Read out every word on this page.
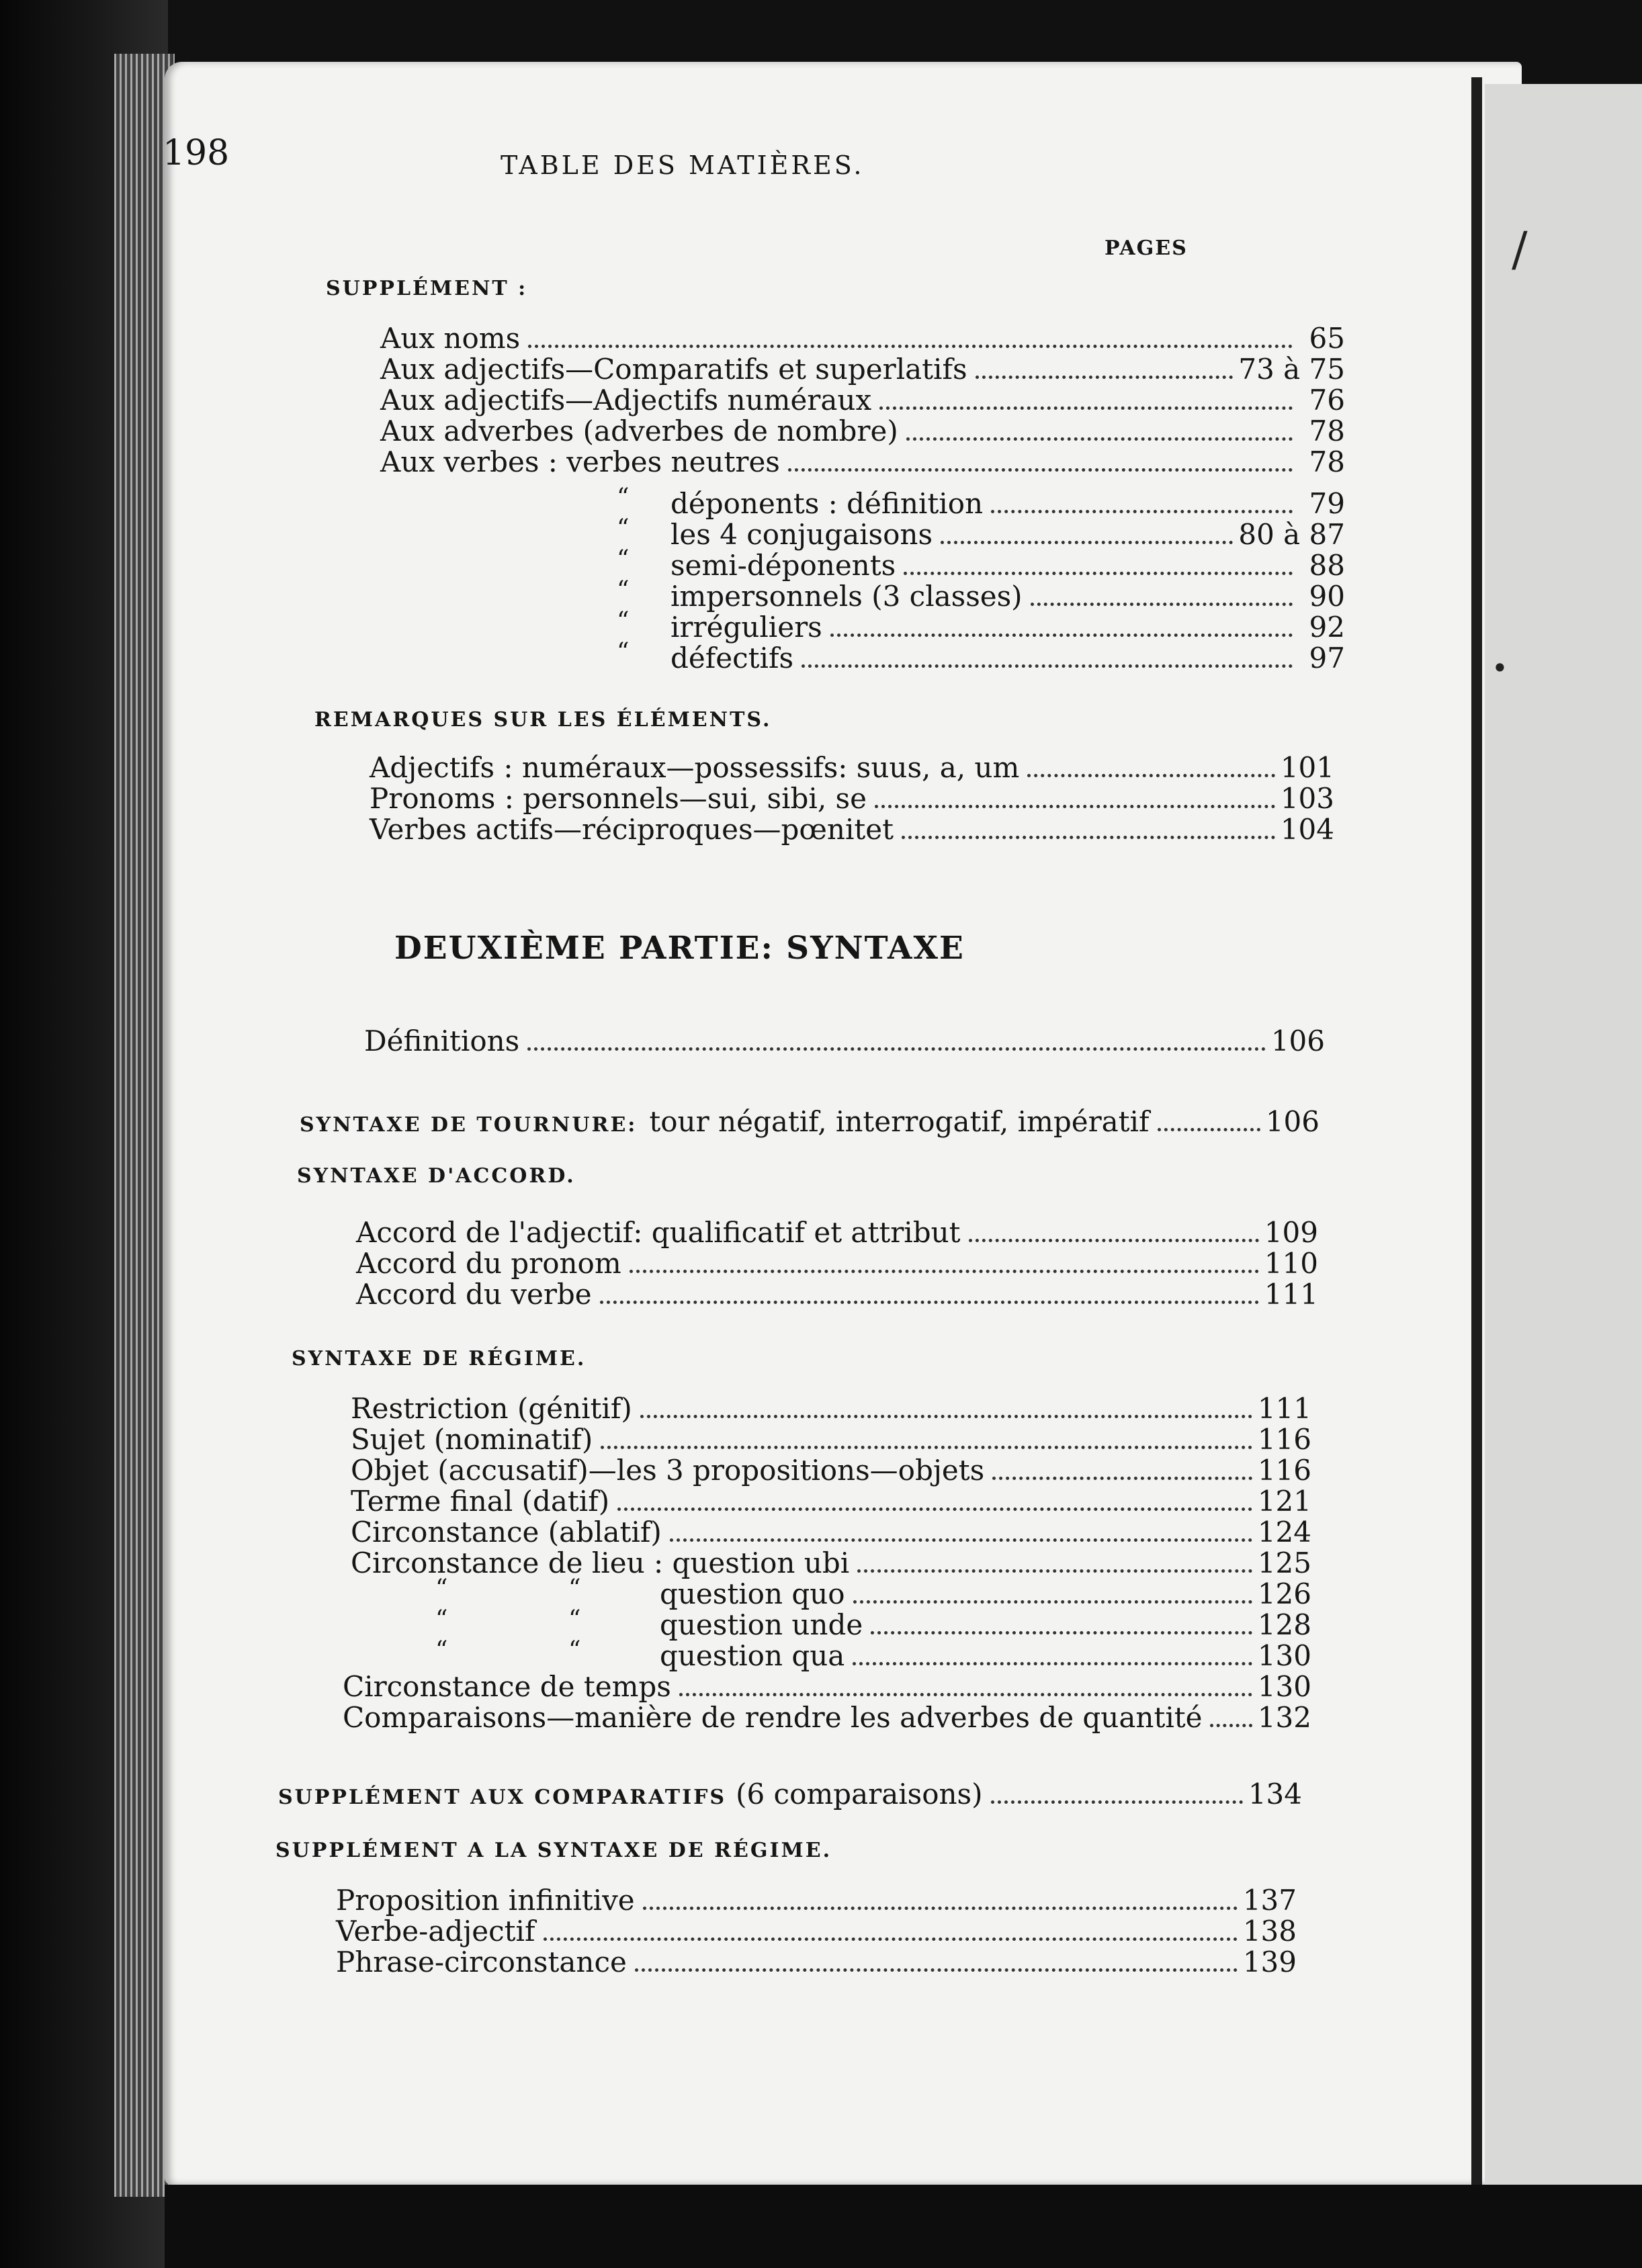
/
•
198	TABLE DES MATIÈRES.
SUPPLÉMENT :
PAGES
Aux noms	65
Aux adjectifs—Comparatifs et superlatifs	73 à 75
Aux adjectifs—Adjectifs numéraux	76
Aux adverbes (adverbes de nombre)	78
Aux verbes : verbes neutres	78
“ déponents : définition	79
“ les 4 conjugaisons	80 à 87
“ semi-déponents	88
“ impersonnels (3 classes)	90
“ irréguliers	92
“ défectifs	97
REMARQUES SUR LES ÉLÉMENTS.
Adjectifs : numéraux—possessifs: suus, a, um	101
Pronoms : personnels—sui, sibi, se	103
Verbes actifs—réciproques—pœnitet	104
DEUXIÈME PARTIE: SYNTAXE
Définitions	106
SYNTAXE DE TOURNURE: tour négatif, interrogatif, impératif	106
SYNTAXE D'ACCORD.
Accord de l'adjectif: qualificatif et attribut	109
Accord du pronom	110
Accord du verbe	111
SYNTAXE DE RÉGIME.
Restriction (génitif)	111
Sujet (nominatif)	116
Objet (accusatif)—les 3 propositions—objets	116
Terme final (datif)	121
Circonstance (ablatif)	124
Circonstance de lieu : question ubi	125
“	“	question quo	126
“	“	question unde	128
“	“	question qua	130
Circonstance de temps	130
Comparaisons—manière de rendre les adverbes de quantité 132
SUPPLÉMENT AUX COMPARATIFS (6 comparaisons)	134
SUPPLÉMENT A LA SYNTAXE DE RÉGIME.
Proposition infinitive	137
Verbe-adjectif	138
Phrase-circonstance	139
